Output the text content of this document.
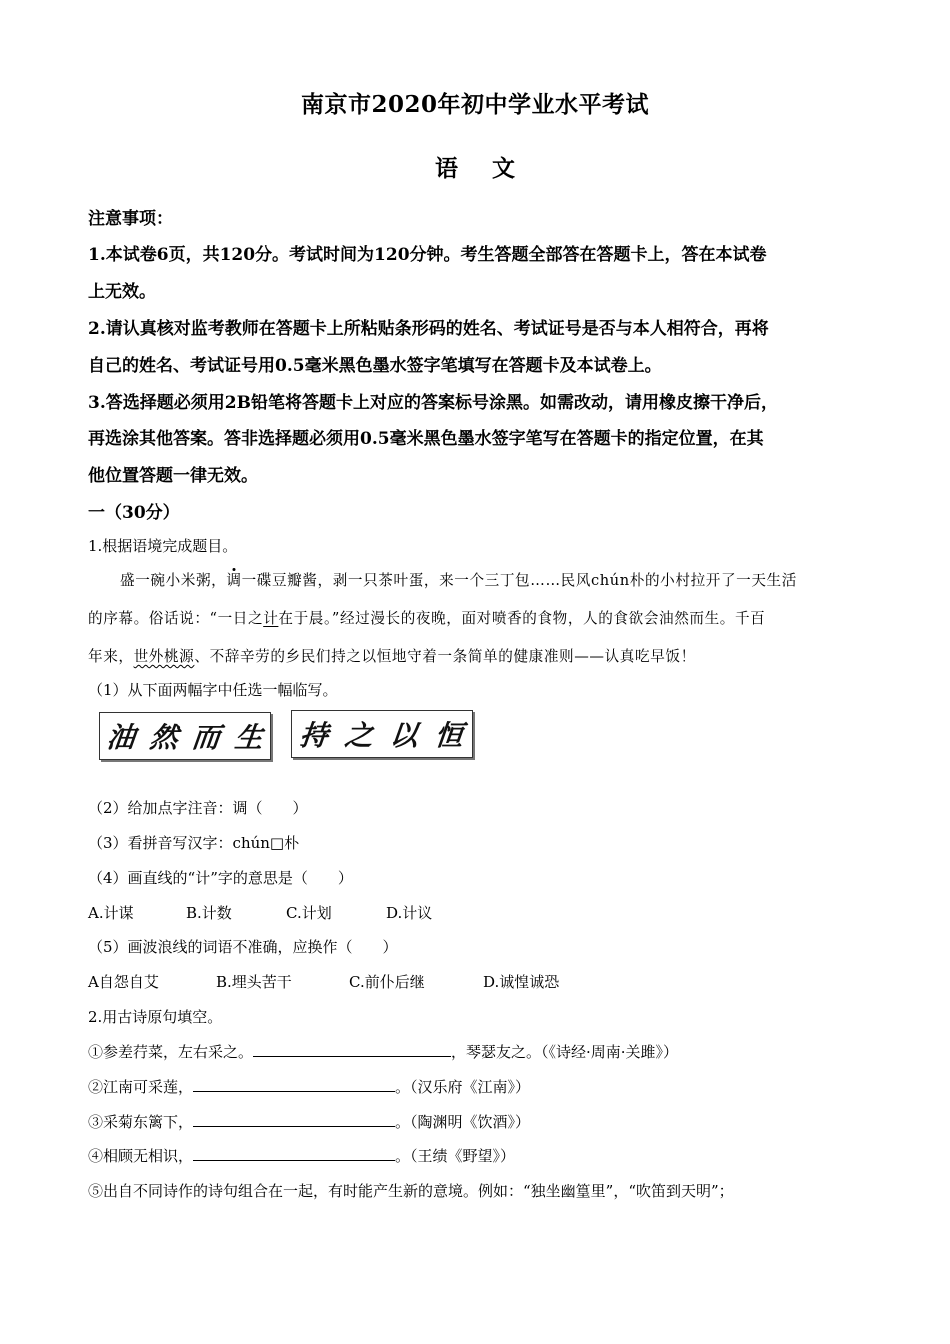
南京市2020年初中学业水平考试
语 文
注意事项：
1.本试卷6页，共120分。考试时间为120分钟。考生答题全部答在答题卡上，答在本试卷
上无效。
2.请认真核对监考教师在答题卡上所粘贴条形码的姓名、考试证号是否与本人相符合，再将
自己的姓名、考试证号用0.5毫米黑色墨水签字笔填写在答题卡及本试卷上。
3.答选择题必须用2B铅笔将答题卡上对应的答案标号涂黑。如需改动，请用橡皮擦干净后，
再选涂其他答案。答非选择题必须用0.5毫米黑色墨水签字笔写在答题卡的指定位置，在其
他位置答题一律无效。
一（30分）
1.根据语境完成题目。
盛一碗小米粥，调一碟豆瓣酱，剥一只茶叶蛋，来一个三丁包……民风chún朴的小村拉开了一天生活
的序幕。俗话说：“一日之计在于晨。”经过漫长的夜晚，面对喷香的食物，人的食欲会油然而生。千百
年来，世外桃源、不辞辛劳的乡民们持之以恒地守着一条简单的健康准则——认真吃早饭！
（1）从下面两幅字中任选一幅临写。
油 然 而 生 持 之 以 恒
（2）给加点字注音：调（　　）
（3）看拼音写汉字：chún□朴
（4）画直线的“计”字的意思是（　　）
A.计谋	B.计数	C.计划	D.计议
（5）画波浪线的词语不准确，应换作（　　）
A自怨自艾	B.埋头苦干	C.前仆后继	D.诚惶诚恐
2.用古诗原句填空。
①参差荇菜，左右采之。	，琴瑟友之。（《诗经·周南·关雎》）
②江南可采莲，	。（汉乐府《江南》）
③采菊东篱下，	。（陶渊明《饮酒》）
④相顾无相识，	。（王绩《野望》）
⑤出自不同诗作的诗句组合在一起，有时能产生新的意境。例如：“独坐幽篁里”，“吹笛到天明”；
